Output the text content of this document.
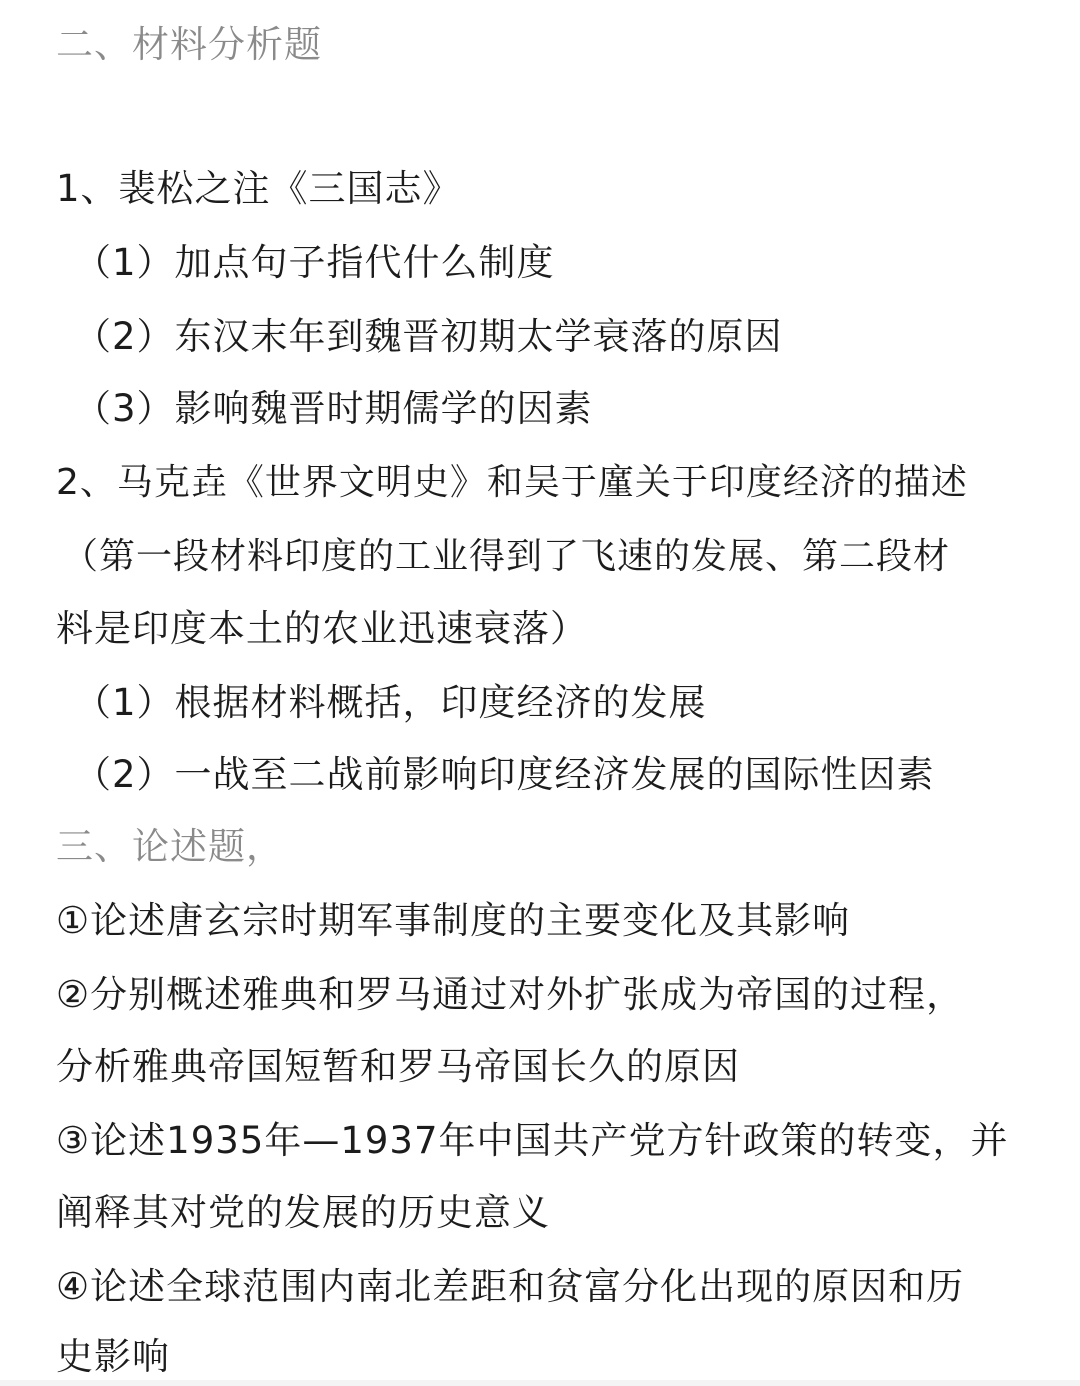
二、材料分析题
1、裴松之注《三国志》
（1）加点句子指代什么制度
（2）东汉末年到魏晋初期太学衰落的原因
（3）影响魏晋时期儒学的因素
2、马克垚《世界文明史》和吴于廑关于印度经济的描述
（第一段材料印度的工业得到了飞速的发展、第二段材
料是印度本土的农业迅速衰落）
（1）根据材料概括，印度经济的发展
（2）一战至二战前影响印度经济发展的国际性因素
三、论述题，
①论述唐玄宗时期军事制度的主要变化及其影响
②分别概述雅典和罗马通过对外扩张成为帝国的过程，
分析雅典帝国短暂和罗马帝国长久的原因
③论述1935年—1937年中国共产党方针政策的转变，并
阐释其对党的发展的历史意义
④论述全球范围内南北差距和贫富分化出现的原因和历
史影响
